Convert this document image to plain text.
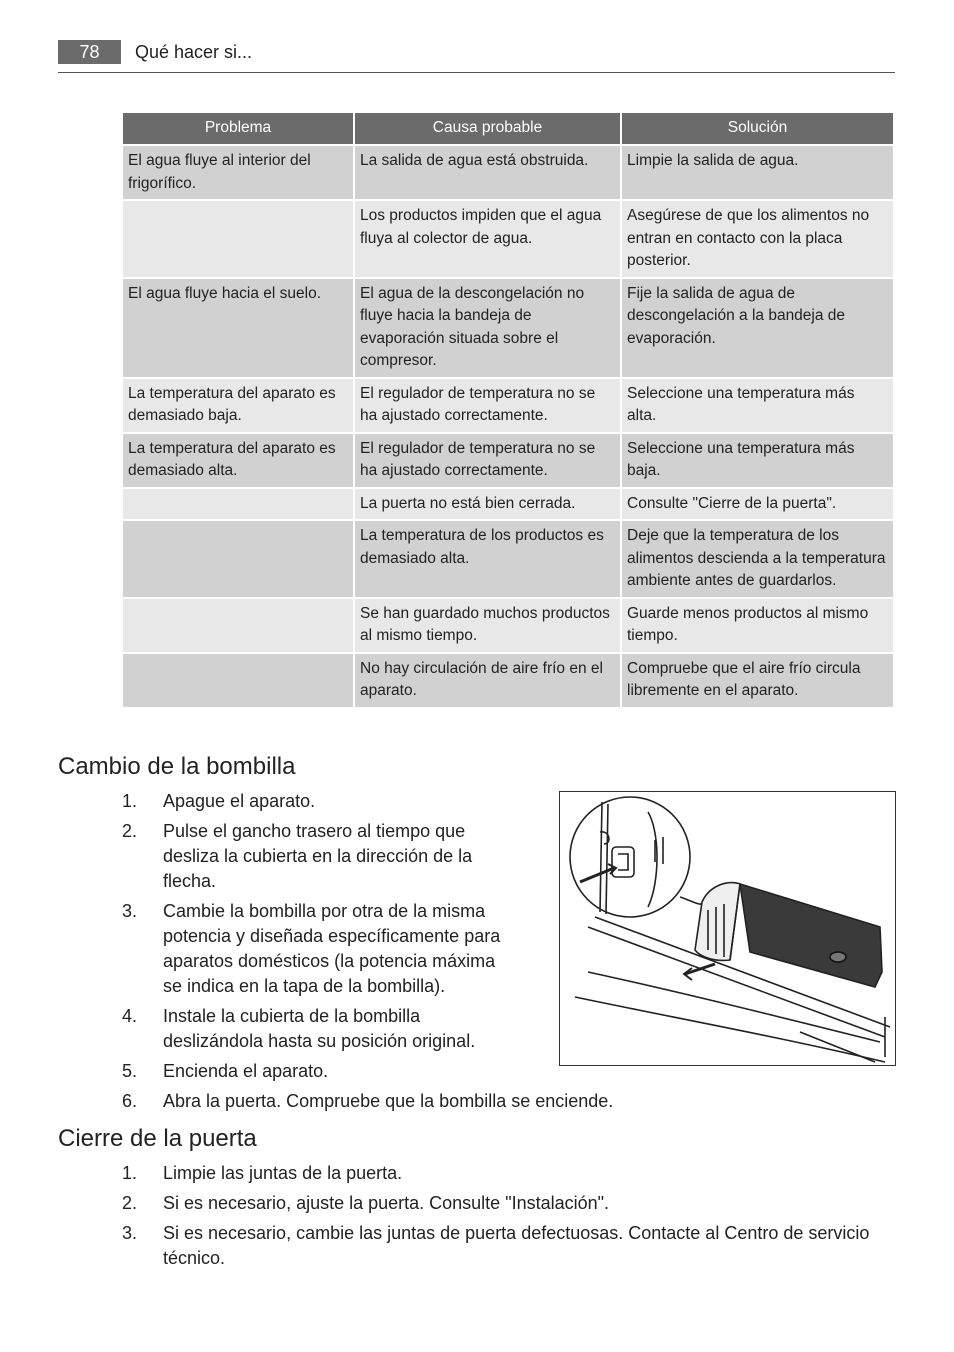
78	Qué hacer si...
Problema	Causa probable	Solución
El agua fluye al interior del frigorífico.	La salida de agua está obstruida.	Limpie la salida de agua.
	Los productos impiden que el agua fluya al colector de agua.	Asegúrese de que los alimentos no entran en contacto con la placa posterior.
El agua fluye hacia el suelo.	El agua de la descongelación no fluye hacia la bandeja de evaporación situada sobre el compresor.	Fije la salida de agua de descongelación a la bandeja de evaporación.
La temperatura del aparato es demasiado baja.	El regulador de temperatura no se ha ajustado correctamente.	Seleccione una temperatura más alta.
La temperatura del aparato es demasiado alta.	El regulador de temperatura no se ha ajustado correctamente.	Seleccione una temperatura más baja.
	La puerta no está bien cerrada.	Consulte "Cierre de la puerta".
	La temperatura de los productos es demasiado alta.	Deje que la temperatura de los alimentos descienda a la temperatura ambiente antes de guardarlos.
	Se han guardado muchos productos al mismo tiempo.	Guarde menos productos al mismo tiempo.
	No hay circulación de aire frío en el aparato.	Compruebe que el aire frío circula libremente en el aparato.
Cambio de la bombilla
1. Apague el aparato.
2. Pulse el gancho trasero al tiempo que desliza la cubierta en la dirección de la flecha.
3. Cambie la bombilla por otra de la misma potencia y diseñada específicamente para aparatos domésticos (la potencia máxima se indica en la tapa de la bombilla).
4. Instale la cubierta de la bombilla deslizándola hasta su posición original.
5. Encienda el aparato.
6. Abra la puerta. Compruebe que la bombilla se enciende.
Cierre de la puerta
1. Limpie las juntas de la puerta.
2. Si es necesario, ajuste la puerta. Consulte "Instalación".
3. Si es necesario, cambie las juntas de puerta defectuosas. Contacte al Centro de servicio técnico.
